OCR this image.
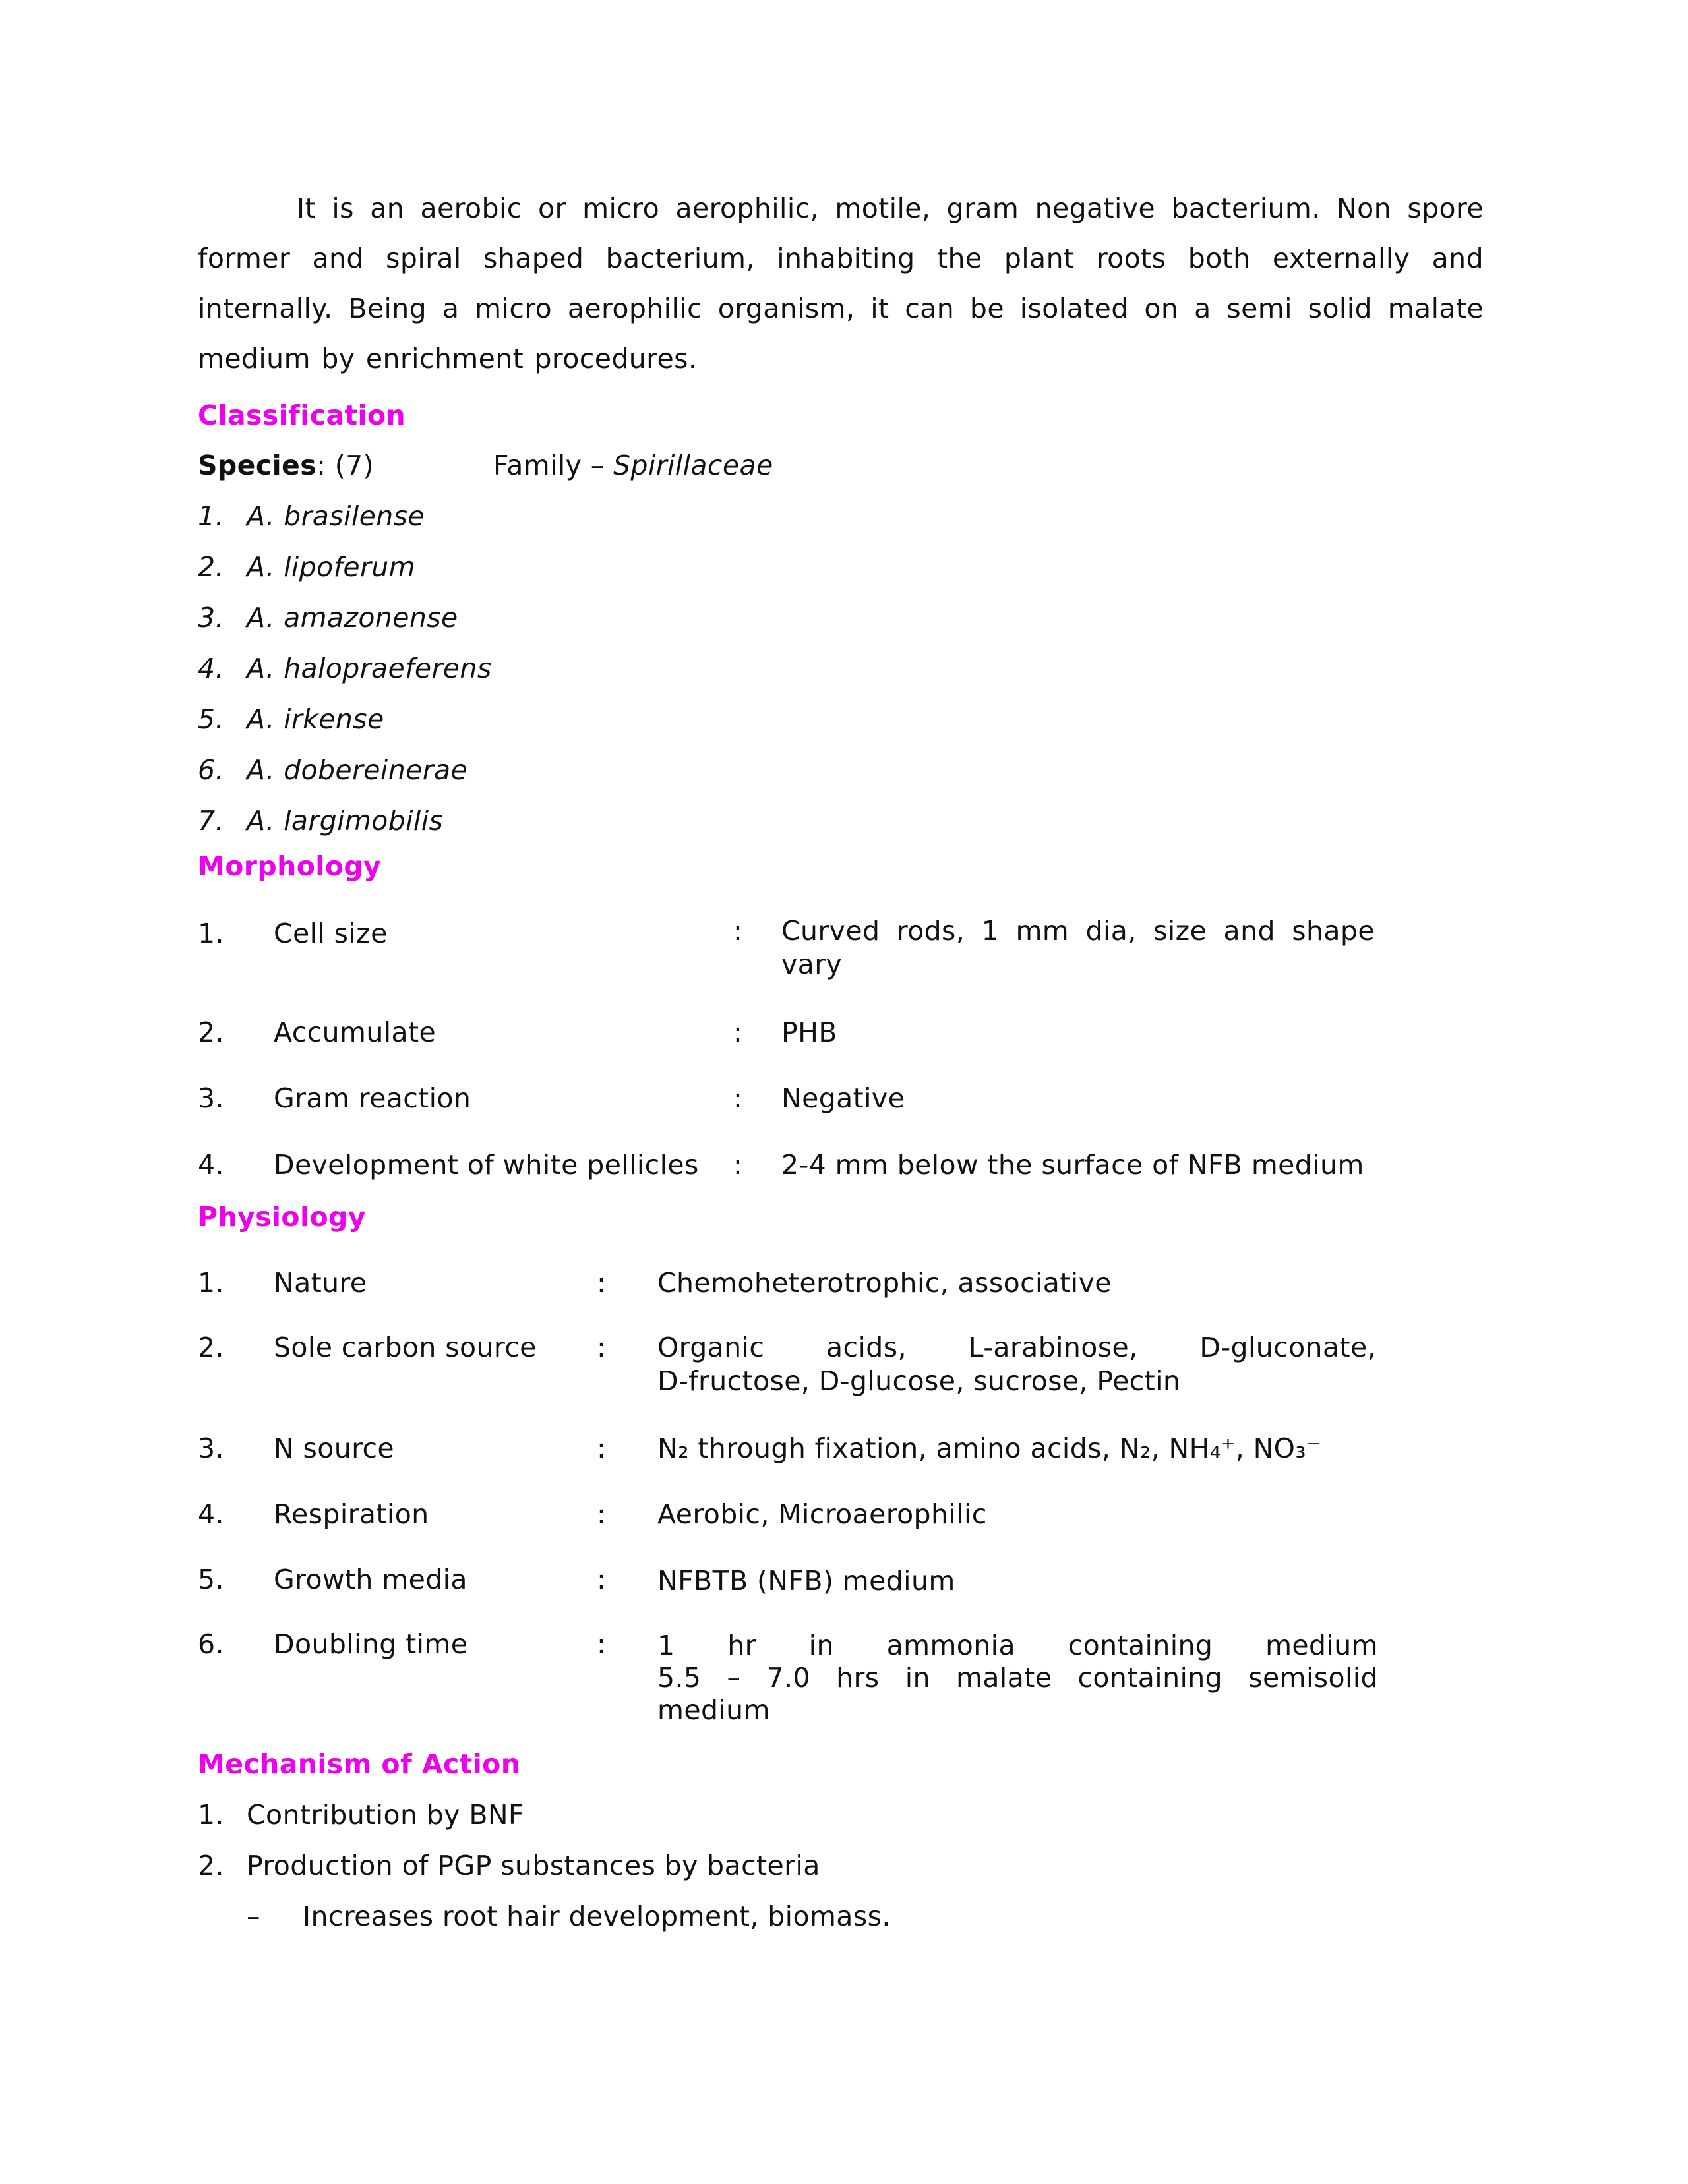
It is an aerobic or micro aerophilic, motile, gram negative bacterium. Non spore
former and spiral shaped bacterium, inhabiting the plant roots both externally and
internally. Being a micro aerophilic organism, it can be isolated on a semi solid malate
medium by enrichment procedures.
Classification
Species: (7)	Family – Spirillaceae
1. A. brasilense
2. A. lipoferum
3. A. amazonense
4. A. halopraeferens
5. A. irkense
6. A. dobereinerae
7. A. largimobilis
Morphology
1. Cell size	: Curved rods, 1 mm dia, size and shape
vary
2. Accumulate	: PHB
3. Gram reaction	: Negative
4. Development of white pellicles : 2-4 mm below the surface of NFB medium
Physiology
1. Nature	: Chemoheterotrophic, associative
2. Sole carbon source : Organic acids, L-arabinose, D-gluconate,
D-fructose, D-glucose, sucrose, Pectin
3. N source	: N₂ through fixation, amino acids, N₂, NH₄⁺, NO₃⁻
4. Respiration	: Aerobic, Microaerophilic
5. Growth media	: NFBTB (NFB) medium
6. Doubling time	: 1 hr in ammonia containing medium
5.5 – 7.0 hrs in malate containing semisolid
medium
Mechanism of Action
1. Contribution by BNF
2. Production of PGP substances by bacteria
– Increases root hair development, biomass.
